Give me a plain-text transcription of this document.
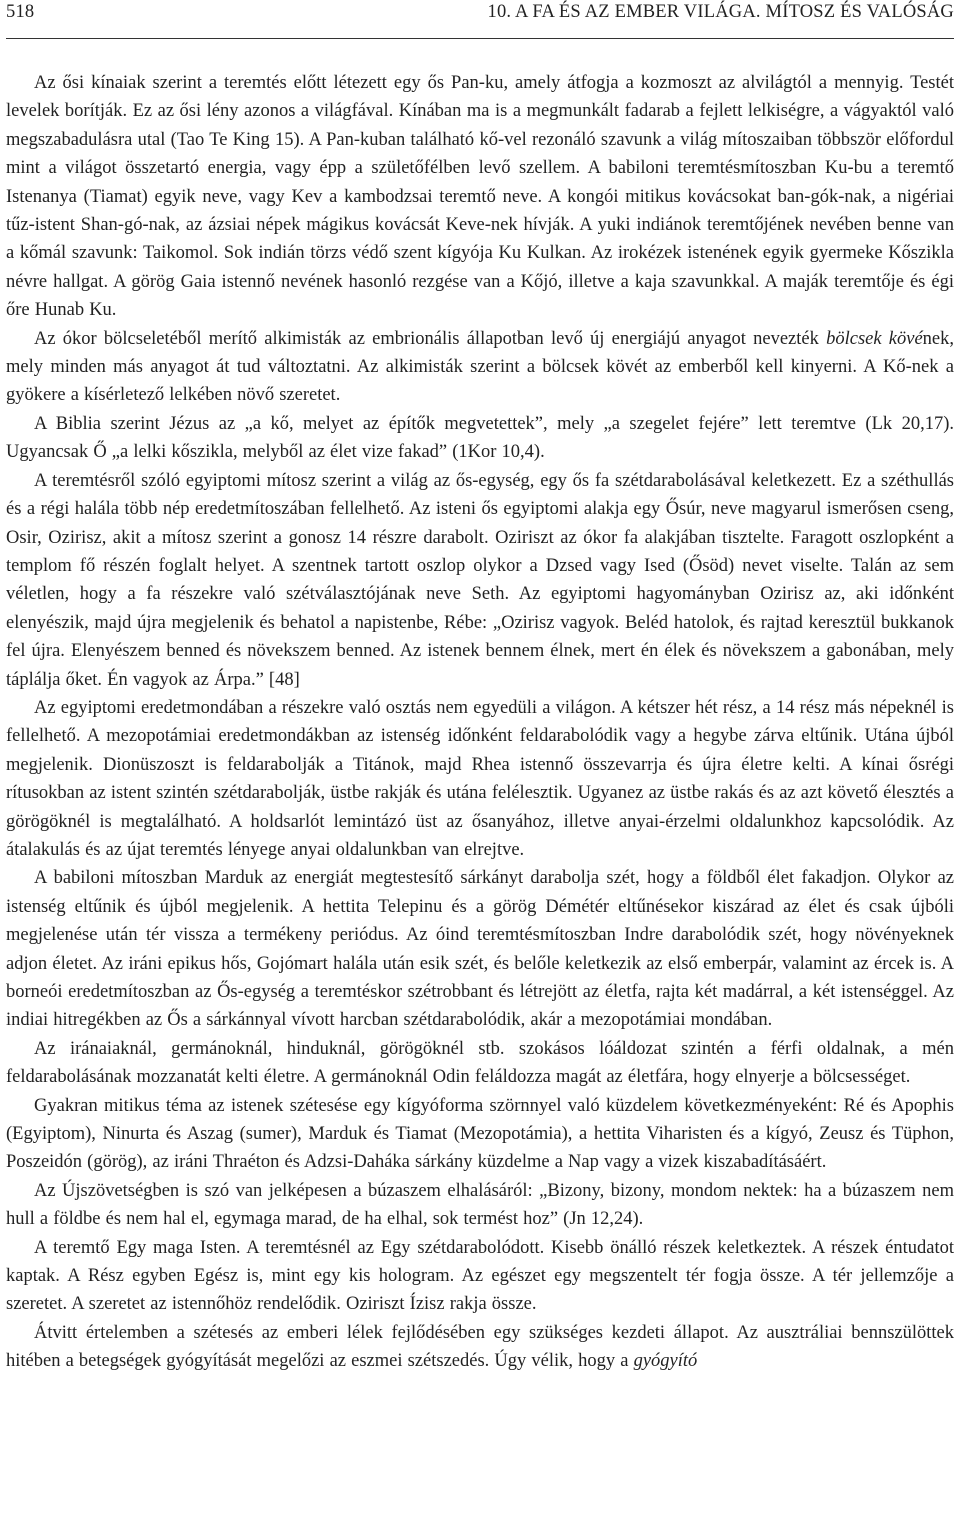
518	10. A FA ÉS AZ EMBER VILÁGA. MÍTOSZ ÉS VALÓSÁG

Az ősi kínaiak szerint a teremtés előtt létezett egy ős Pan-ku, amely átfogja a kozmoszt az alvilágtól a mennyig. Testét levelek borítják. Ez az ősi lény azonos a világfával. Kínában ma is a megmunkált fadarab a fejlett lelkiségre, a vágyaktól való megszabadulásra utal (Tao Te King 15). A Pan-kuban található kő-vel rezonáló szavunk a világ mítoszaiban többször előfordul mint a világot összetartó energia, vagy épp a születőfélben levő szellem. A babiloni teremtésmítoszban Ku-bu a teremtő Istenanya (Tiamat) egyik neve, vagy Kev a kambodzsai teremtő neve. A kongói mitikus kovácsokat ban-gók-nak, a nigériai tűz-istent Shan-gó-nak, az ázsiai népek mágikus kovácsát Keve-nek hívják. A yuki indiánok teremtőjének nevében benne van a kőmál szavunk: Taikomol. Sok indián törzs védő szent kígyója Ku Kulkan. Az irokézek istenének egyik gyermeke Kőszikla névre hallgat. A görög Gaia istennő nevének hasonló rezgése van a Kőjó, illetve a kaja szavunkkal. A maják teremtője és égi őre Hunab Ku.

Az ókor bölcseletéből merítő alkimisták az embrionális állapotban levő új energiájú anyagot nevezték bölcsek kövének, mely minden más anyagot át tud változtatni. Az alkimisták szerint a bölcsek kövét az emberből kell kinyerni. A Kő-nek a gyökere a kísérletező lelkében növő szeretet.

A Biblia szerint Jézus az „a kő, melyet az építők megvetettek”, mely „a szegelet fejére” lett teremtve (Lk 20,17). Ugyancsak Ő „a lelki kőszikla, melyből az élet vize fakad” (1Kor 10,4).

A teremtésről szóló egyiptomi mítosz szerint a világ az ős-egység, egy ős fa szétdarabolásával keletkezett. Ez a széthullás és a régi halála több nép eredetmítoszában fellelhető. Az isteni ős egyiptomi alakja egy Ősúr, neve magyarul ismerősen cseng, Osir, Ozirisz, akit a mítosz szerint a gonosz 14 részre darabolt. Oziriszt az ókor fa alakjában tisztelte. Faragott oszlopként a templom fő részén foglalt helyet. A szentnek tartott oszlop olykor a Dzsed vagy Ised (Ősöd) nevet viselte. Talán az sem véletlen, hogy a fa részekre való szétválasztójának neve Seth. Az egyiptomi hagyományban Ozirisz az, aki időnként elenyészik, majd újra megjelenik és behatol a napistenbe, Rébe: „Ozirisz vagyok. Beléd hatolok, és rajtad keresztül bukkanok fel újra. Elenyészem benned és növekszem benned. Az istenek bennem élnek, mert én élek és növekszem a gabonában, mely táplálja őket. Én vagyok az Árpa.” [48]

Az egyiptomi eredetmondában a részekre való osztás nem egyedüli a világon. A kétszer hét rész, a 14 rész más népeknél is fellelhető. A mezopotámiai eredetmondákban az istenség időnként feldarabolódik vagy a hegybe zárva eltűnik. Utána újból megjelenik. Dionüszoszt is feldarabolják a Titánok, majd Rhea istennő összevarrja és újra életre kelti. A kínai ősrégi rítusokban az istent szintén szétdarabolják, üstbe rakják és utána felélesztik. Ugyanez az üstbe rakás és az azt követő élesztés a görögöknél is megtalálható. A holdsarlót lemintázó üst az ősanyához, illetve anyai-érzelmi oldalunkhoz kapcsolódik. Az átalakulás és az újat teremtés lényege anyai oldalunkban van elrejtve.

A babiloni mítoszban Marduk az energiát megtestesítő sárkányt darabolja szét, hogy a földből élet fakadjon. Olykor az istenség eltűnik és újból megjelenik. A hettita Telepinu és a görög Démétér eltűnésekor kiszárad az élet és csak újbóli megjelenése után tér vissza a termékeny periódus. Az óind teremtésmítoszban Indre darabolódik szét, hogy növényeknek adjon életet. Az iráni epikus hős, Gojómart halála után esik szét, és belőle keletkezik az első emberpár, valamint az ércek is. A borneói eredetmítoszban az Ős-egység a teremtéskor szétrobbant és létrejött az életfa, rajta két madárral, a két istenséggel. Az indiai hitregékben az Ős a sárkánnyal vívott harcban szétdarabolódik, akár a mezopotámiai mondában.

Az iránaiaknál, germánoknál, hinduknál, görögöknél stb. szokásos lóáldozat szintén a férfi oldalnak, a mén feldarabolásának mozzanatát kelti életre. A germánoknál Odin feláldozza magát az életfára, hogy elnyerje a bölcsességet.

Gyakran mitikus téma az istenek szétesése egy kígyóforma szörnnyel való küzdelem következményeként: Ré és Apophis (Egyiptom), Ninurta és Aszag (sumer), Marduk és Tiamat (Mezopotámia), a hettita Viharisten és a kígyó, Zeusz és Tüphon, Poszeidón (görög), az iráni Thraéton és Adzsi-Daháka sárkány küzdelme a Nap vagy a vizek kiszabadításáért.

Az Újszövetségben is szó van jelképesen a búzaszem elhalásáról: „Bizony, bizony, mondom nektek: ha a búzaszem nem hull a földbe és nem hal el, egymaga marad, de ha elhal, sok termést hoz” (Jn 12,24).

A teremtő Egy maga Isten. A teremtésnél az Egy szétdarabolódott. Kisebb önálló részek keletkeztek. A részek éntudatot kaptak. A Rész egyben Egész is, mint egy kis hologram. Az egészet egy megszentelt tér fogja össze. A tér jellemzője a szeretet. A szeretet az istennőhöz rendelődik. Oziriszt Ízisz rakja össze.

Átvitt értelemben a szétesés az emberi lélek fejlődésében egy szükséges kezdeti állapot. Az ausztráliai bennszülöttek hitében a betegségek gyógyítását megelőzi az eszmei szétszedés. Úgy vélik, hogy a gyógyító
